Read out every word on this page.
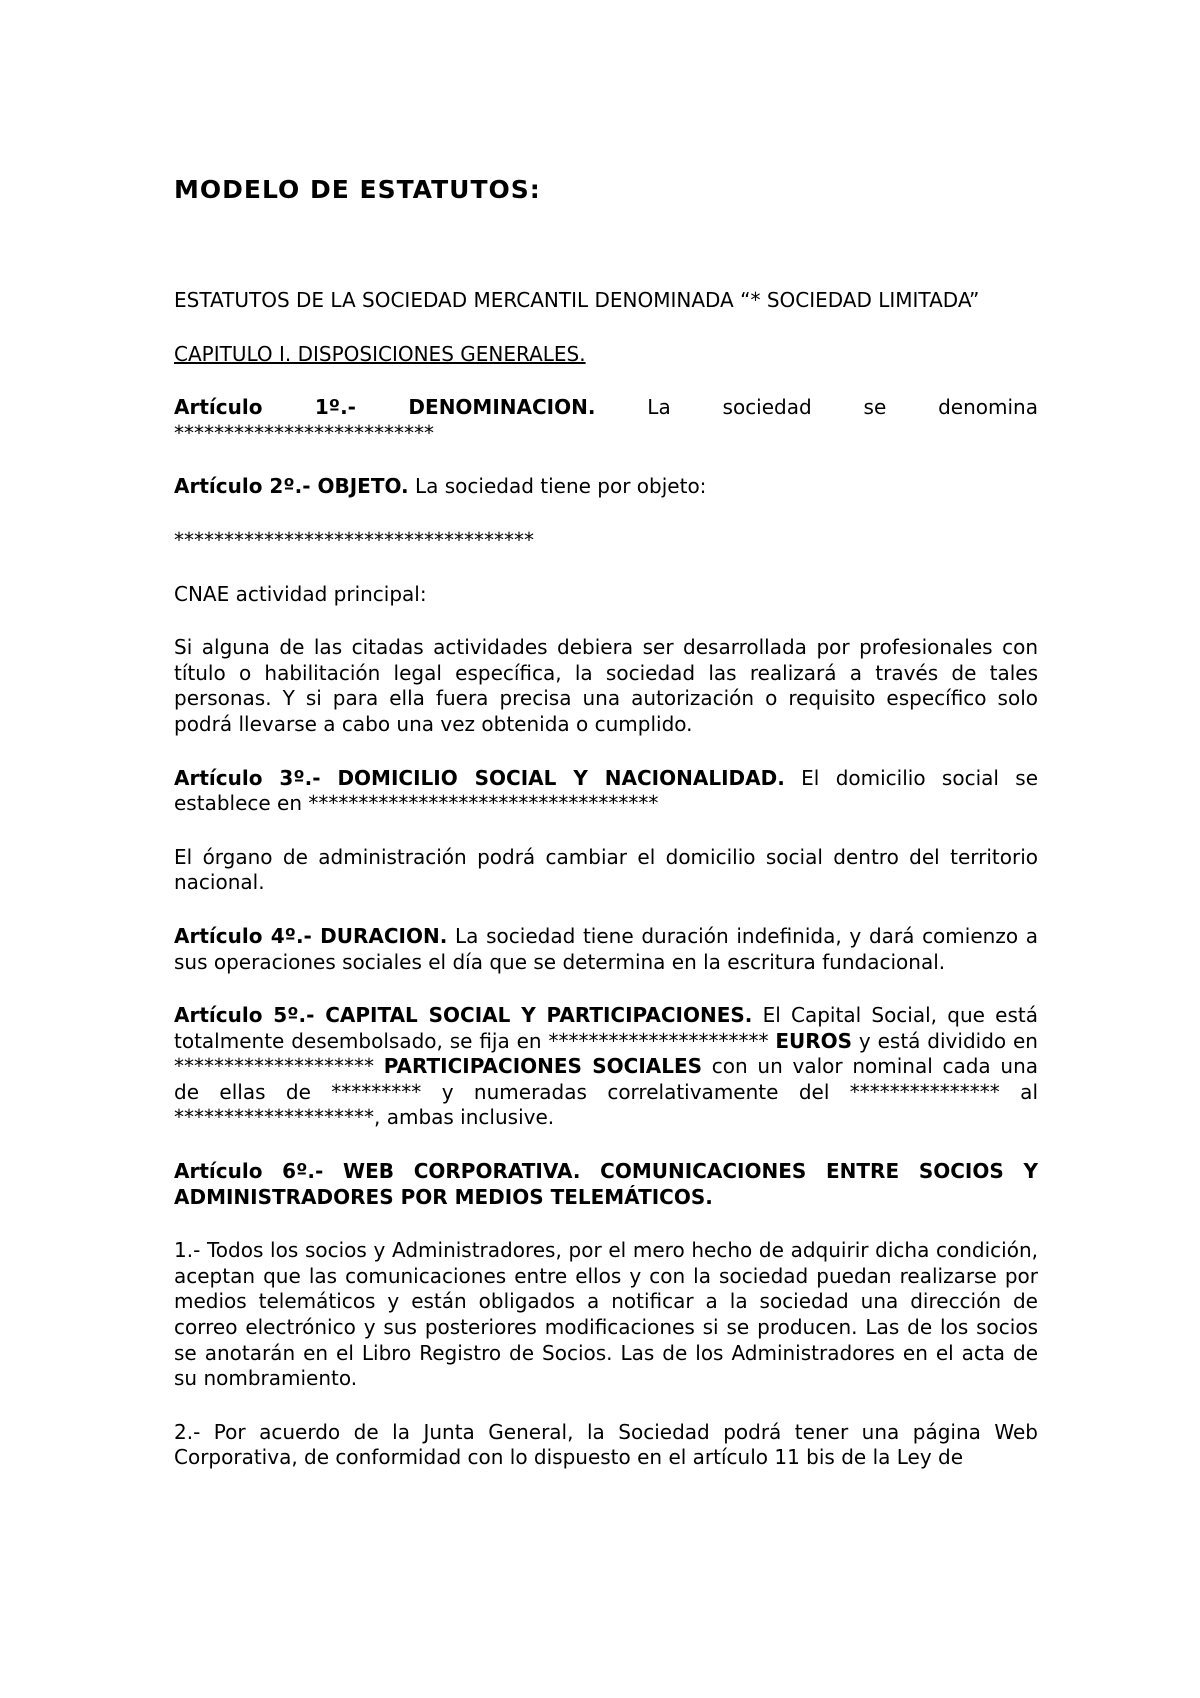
MODELO DE ESTATUTOS:

ESTATUTOS DE LA SOCIEDAD MERCANTIL DENOMINADA “* SOCIEDAD LIMITADA”

CAPITULO I. DISPOSICIONES GENERALES.

Artículo 1º.- DENOMINACION.	La sociedad se denomina
**************************

Artículo 2º.- OBJETO. La sociedad tiene por objeto:

************************************

CNAE actividad principal:

Si alguna de las citadas actividades debiera ser desarrollada por profesionales con título o habilitación legal específica, la sociedad las realizará a través de tales personas. Y si para ella fuera precisa una autorización o requisito específico solo podrá llevarse a cabo una vez obtenida o cumplido.

Artículo 3º.- DOMICILIO SOCIAL Y NACIONALIDAD. El domicilio social se establece en ***********************************

El órgano de administración podrá cambiar el domicilio social dentro del territorio nacional.

Artículo 4º.- DURACION. La sociedad tiene duración indefinida, y dará comienzo a sus operaciones sociales el día que se determina en la escritura fundacional.

Artículo 5º.- CAPITAL SOCIAL Y PARTICIPACIONES. El Capital Social, que está totalmente desembolsado, se fija en ********************** EUROS y está dividido en ******************** PARTICIPACIONES SOCIALES con un valor nominal cada una de ellas de ********* y numeradas correlativamente del *************** al ********************, ambas inclusive.

Artículo 6º.- WEB CORPORATIVA. COMUNICACIONES ENTRE SOCIOS Y ADMINISTRADORES POR MEDIOS TELEMÁTICOS.

1.- Todos los socios y Administradores, por el mero hecho de adquirir dicha condición, aceptan que las comunicaciones entre ellos y con la sociedad puedan realizarse por medios telemáticos y están obligados a notificar a la sociedad una dirección de correo electrónico y sus posteriores modificaciones si se producen. Las de los socios se anotarán en el Libro Registro de Socios. Las de los Administradores en el acta de su nombramiento.

2.- Por acuerdo de la Junta General, la Sociedad podrá tener una página Web Corporativa, de conformidad con lo dispuesto en el artículo 11 bis de la Ley de
